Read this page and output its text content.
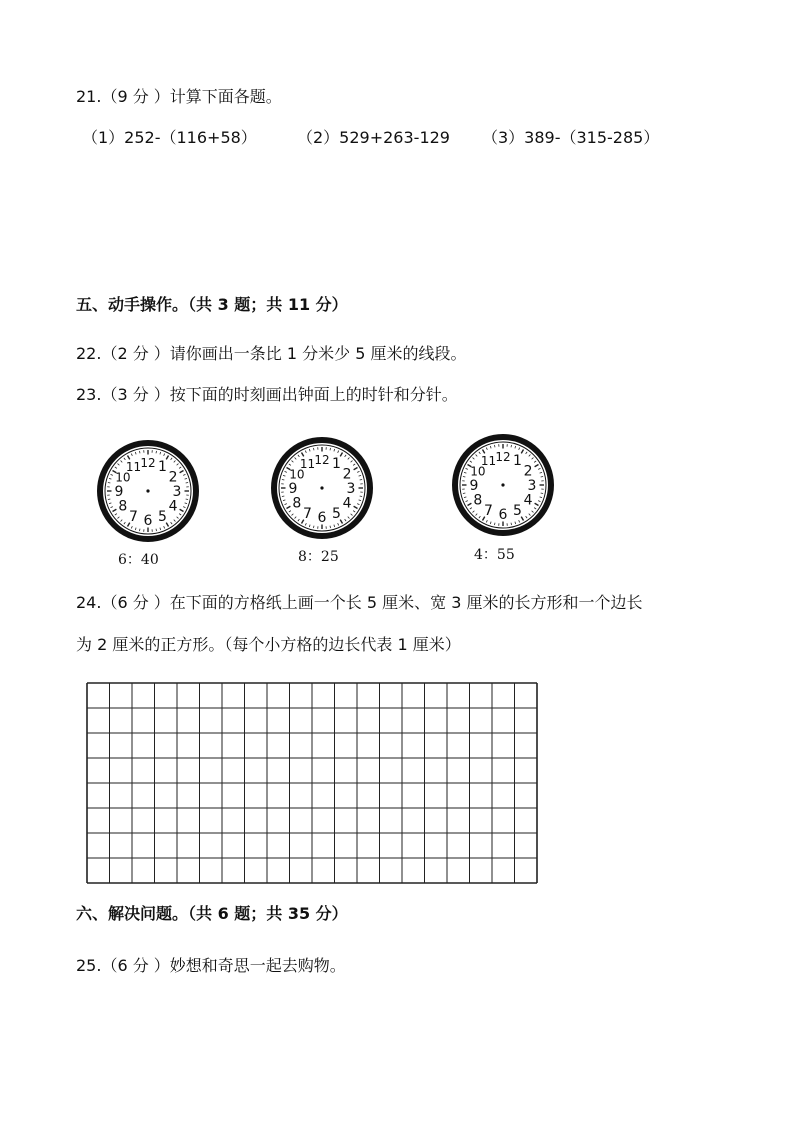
21.（9 分 ）计算下面各题。
（1）252-（116+58）	（2）529+263-129 （3）389-（315-285）
五、动手操作。（共 3 题；共 11 分）
22.（2 分 ）请你画出一条比 1 分米少 5 厘米的线段。
23.（3 分 ）按下面的时刻画出钟面上的时针和分针。
12 1
2
3
4
5
6
7
8
9
10
11
6：40
12 1
2
3
4
5
6
7
8
9
10
11
8：25
12 1
2
3
4
5
6
7
8
9
10
11
4：55
24.（6 分 ）在下面的方格纸上画一个长 5 厘米、宽 3 厘米的长方形和一个边长
为 2 厘米的正方形。（每个小方格的边长代表 1 厘米）
六、解决问题。（共 6 题；共 35 分）
25.（6 分 ）妙想和奇思一起去购物。
